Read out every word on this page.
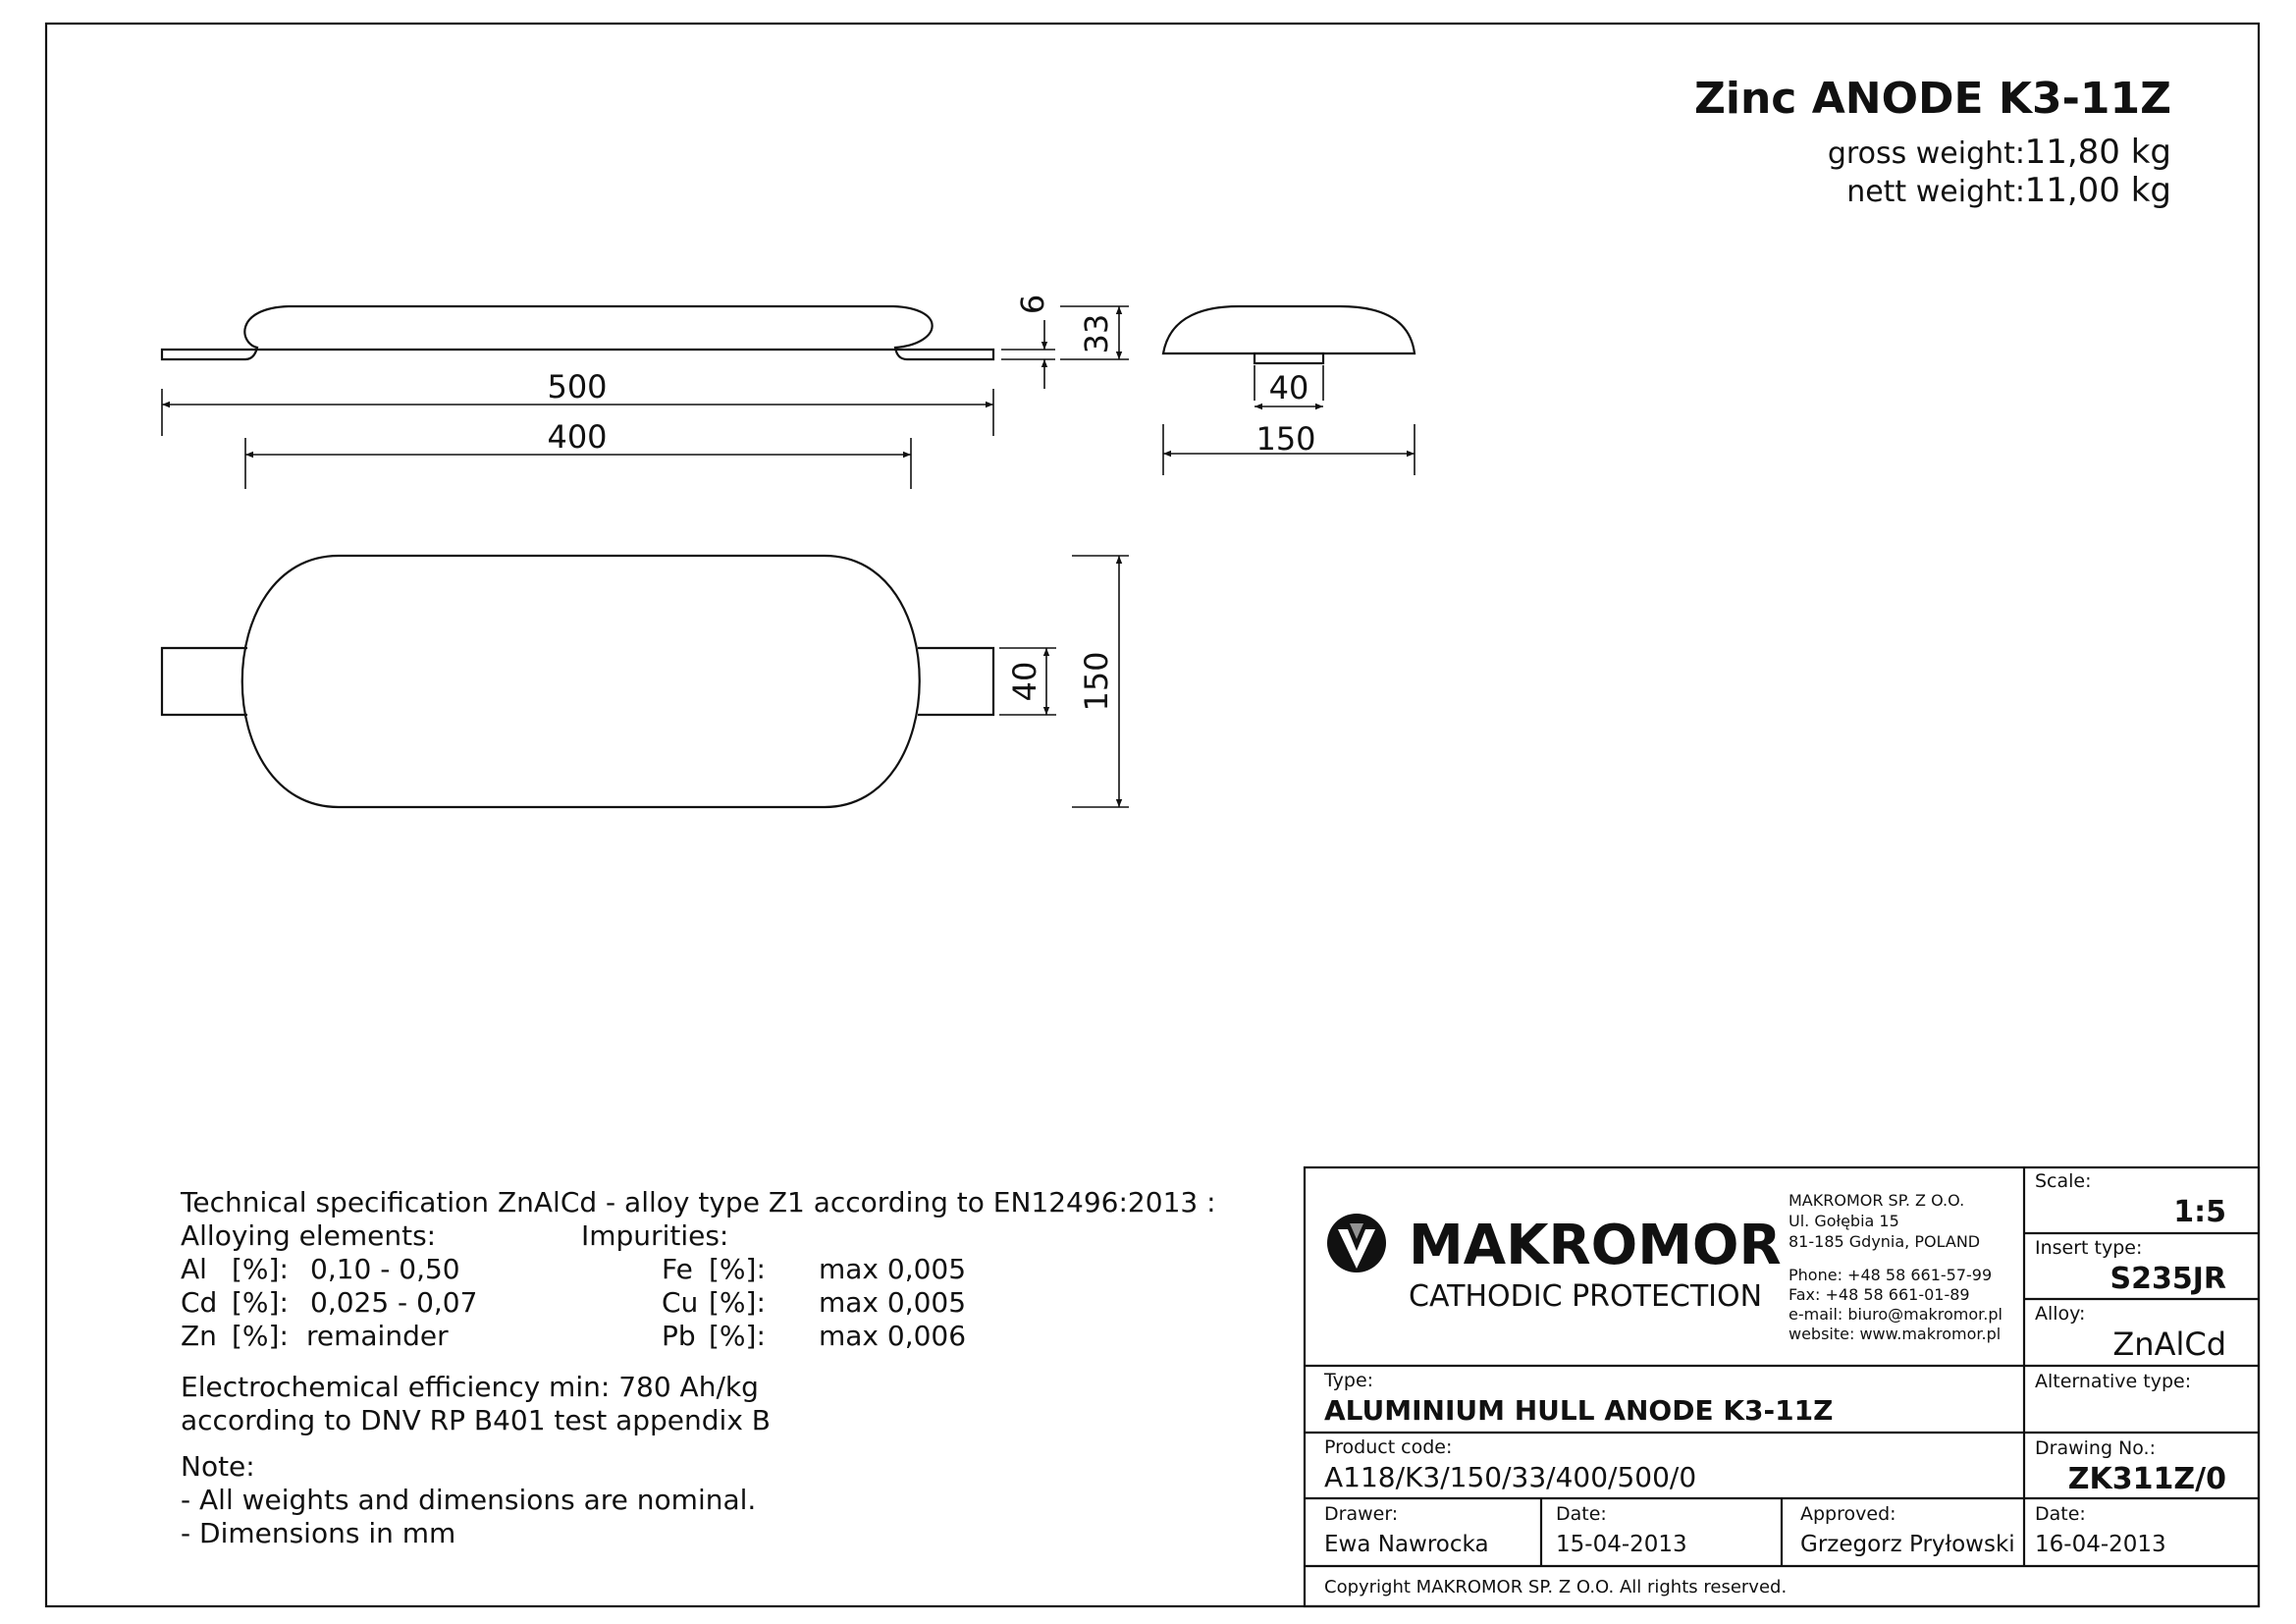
Zinc ANODE K3-11Z
gross weight: 11,80 kg
nett weight: 11,00 kg
500
400
6
33
40
150
40 150
Technical specification ZnAlCd - alloy type Z1 according to EN12496:2013 :
Alloying elements:	Impurities:
Al [%]: 0,10 - 0,50
Cd [%]: 0,025 - 0,07
Zn [%]: remainder
Fe [%]: max 0,005
Cu [%]: max 0,005
Pb [%]: max 0,006
Electrochemical efficiency min: 780 Ah/kg
according to DNV RP B401 test appendix B
Note:
- All weights and dimensions are nominal.
- Dimensions in mm
MAKROMOR
CATHODIC PROTECTION
MAKROMOR SP. Z O.O.
Ul. Gołębia 15
81-185 Gdynia, POLAND
Phone: +48 58 661-57-99
Fax: +48 58 661-01-89
e-mail: biuro@makromor.pl
website: www.makromor.pl
Scale:
1:5
Insert type:
S235JR
Alloy:
ZnAlCd
Type:
ALUMINIUM HULL ANODE K3-11Z
Alternative type:
Product code:
A118/K3/150/33/400/500/0
Drawing No.:
ZK311Z/0
Drawer:
Ewa Nawrocka
Date:
15-04-2013
Approved:
Grzegorz Pryłowski
Date:
16-04-2013
Copyright MAKROMOR SP. Z O.O. All rights reserved.
